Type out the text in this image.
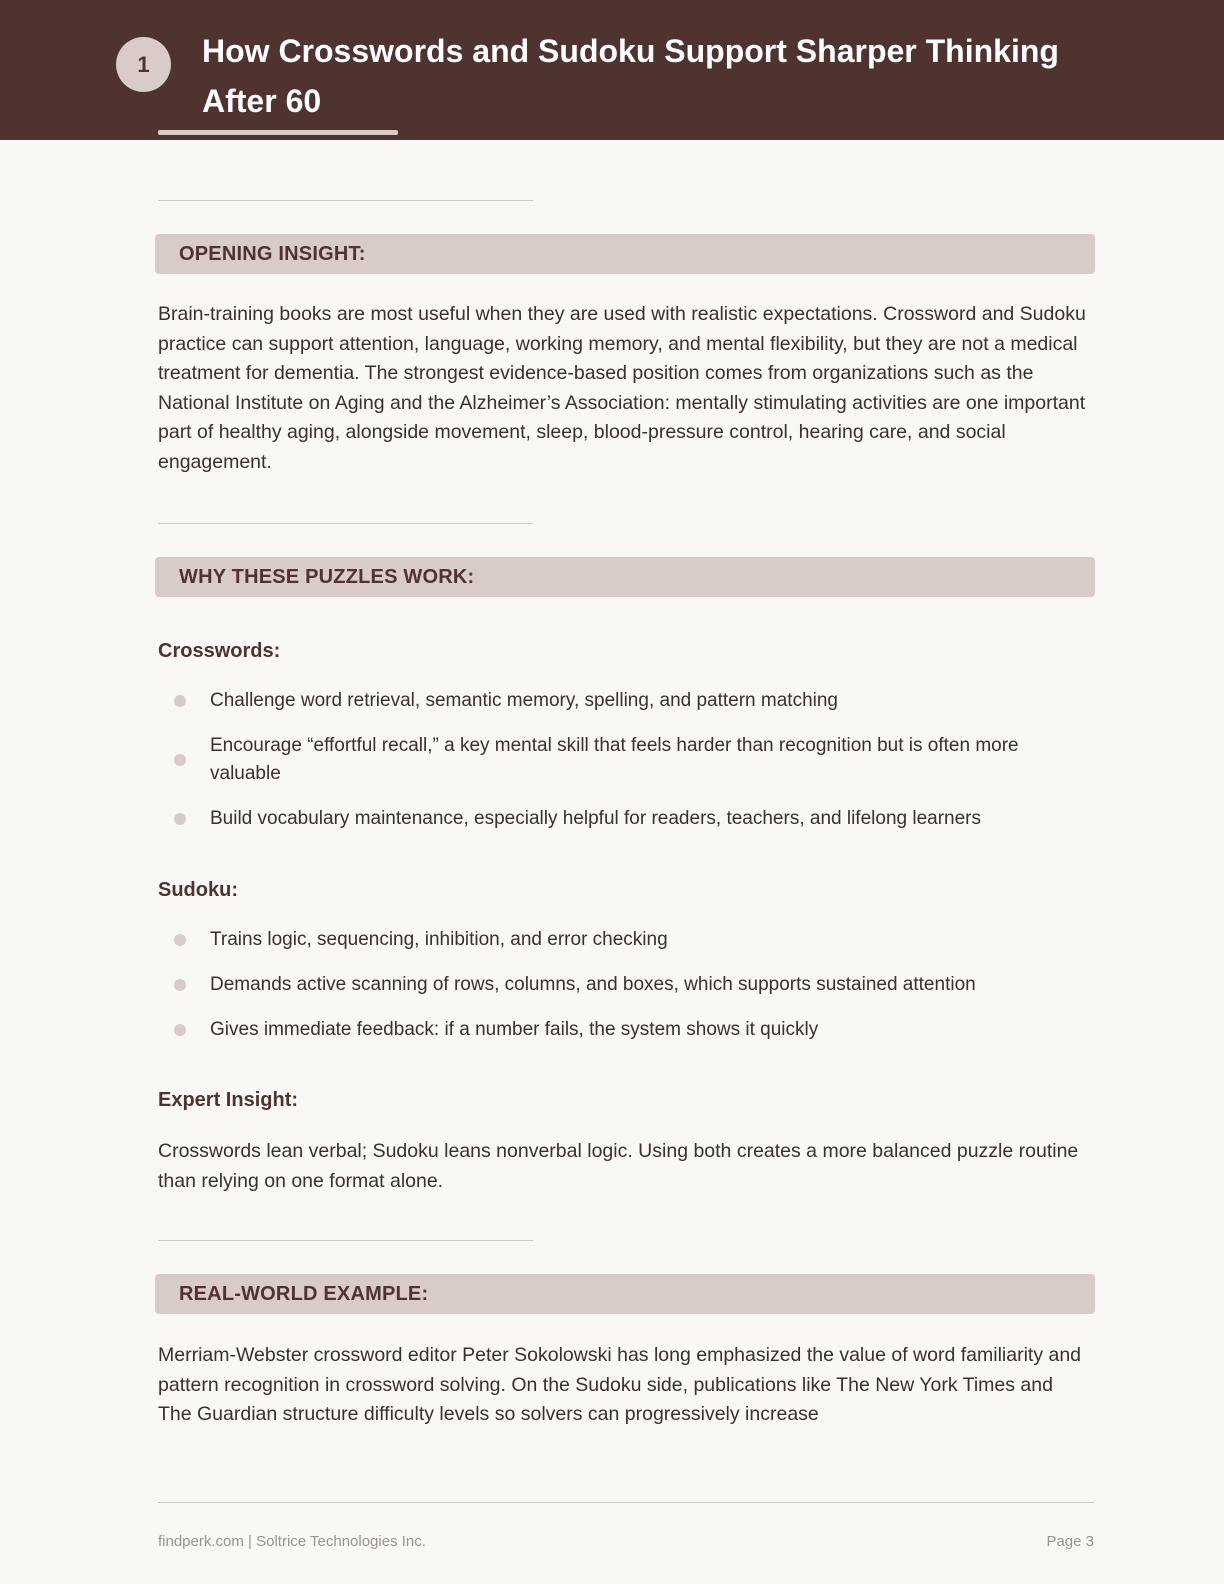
1	How Crosswords and Sudoku Support Sharper Thinking After 60
OPENING INSIGHT:

Brain-training books are most useful when they are used with realistic expectations. Crossword and Sudoku practice can support attention, language, working memory, and mental flexibility, but they are not a medical treatment for dementia. The strongest evidence-based position comes from organizations such as the National Institute on Aging and the Alzheimer’s Association: mentally stimulating activities are one important part of healthy aging, alongside movement, sleep, blood-pressure control, hearing care, and social engagement.

WHY THESE PUZZLES WORK:
Crosswords:
Challenge word retrieval, semantic memory, spelling, and pattern matching
Encourage “effortful recall,” a key mental skill that feels harder than recognition but is often more valuable
Build vocabulary maintenance, especially helpful for readers, teachers, and lifelong learners
Sudoku:
Trains logic, sequencing, inhibition, and error checking
Demands active scanning of rows, columns, and boxes, which supports sustained attention
Gives immediate feedback: if a number fails, the system shows it quickly
Expert Insight:

Crosswords lean verbal; Sudoku leans nonverbal logic. Using both creates a more balanced puzzle routine than relying on one format alone.

REAL-WORLD EXAMPLE:

Merriam-Webster crossword editor Peter Sokolowski has long emphasized the value of word familiarity and pattern recognition in crossword solving. On the Sudoku side, publications like The New York Times and The Guardian structure difficulty levels so solvers can progressively increase

findperk.com | Soltrice Technologies Inc.	Page 3
